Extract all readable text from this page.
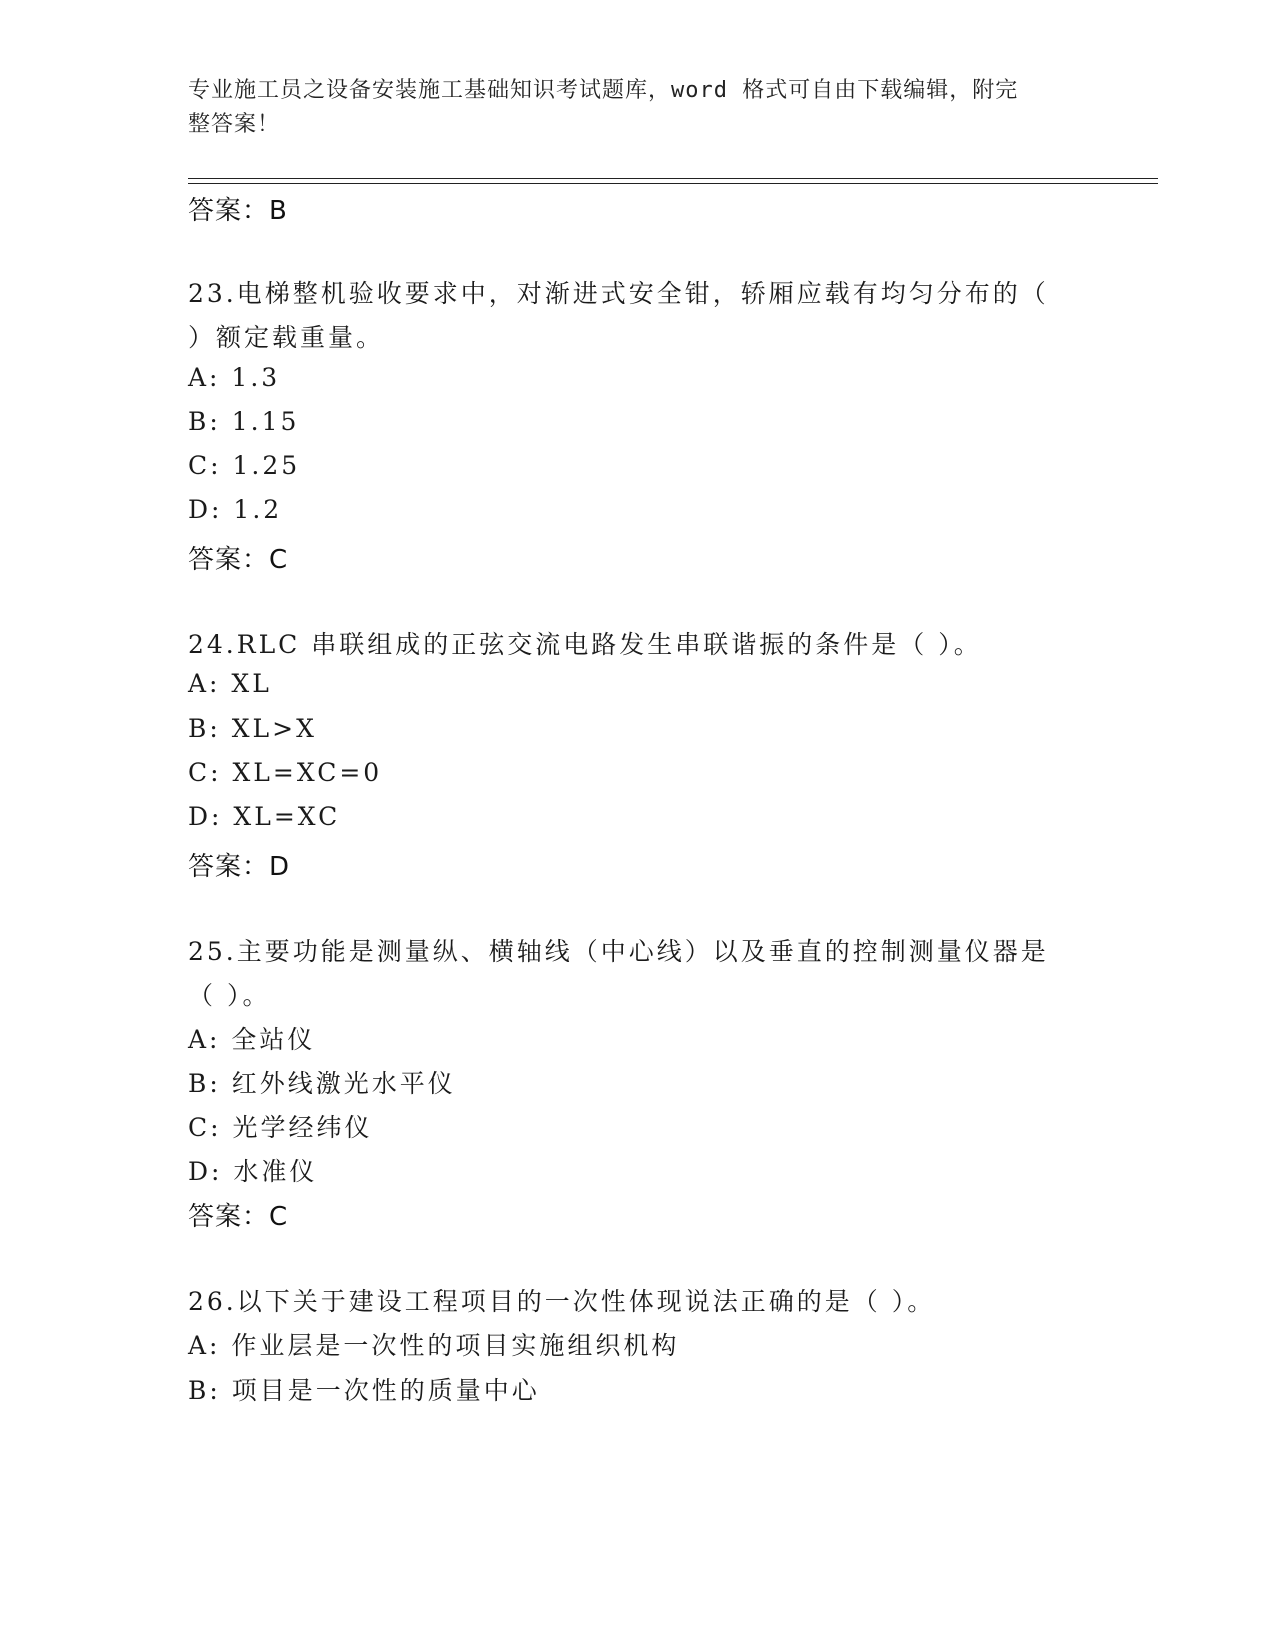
专业施工员之设备安装施工基础知识考试题库，word 格式可自由下载编辑，附完
整答案！
答案：B
23.电梯整机验收要求中，对渐进式安全钳，轿厢应载有均匀分布的（
）额定载重量。
A: 1.3
B: 1.15
C: 1.25
D: 1.2
答案：C
24.RLC 串联组成的正弦交流电路发生串联谐振的条件是（ ）。
A: XL
B: XL>X
C: XL=XC=0
D: XL=XC
答案：D
25.主要功能是测量纵、横轴线（中心线）以及垂直的控制测量仪器是
（ ）。
A: 全站仪
B: 红外线激光水平仪
C: 光学经纬仪
D: 水准仪
答案：C
26.以下关于建设工程项目的一次性体现说法正确的是（ ）。
A: 作业层是一次性的项目实施组织机构
B: 项目是一次性的质量中心
